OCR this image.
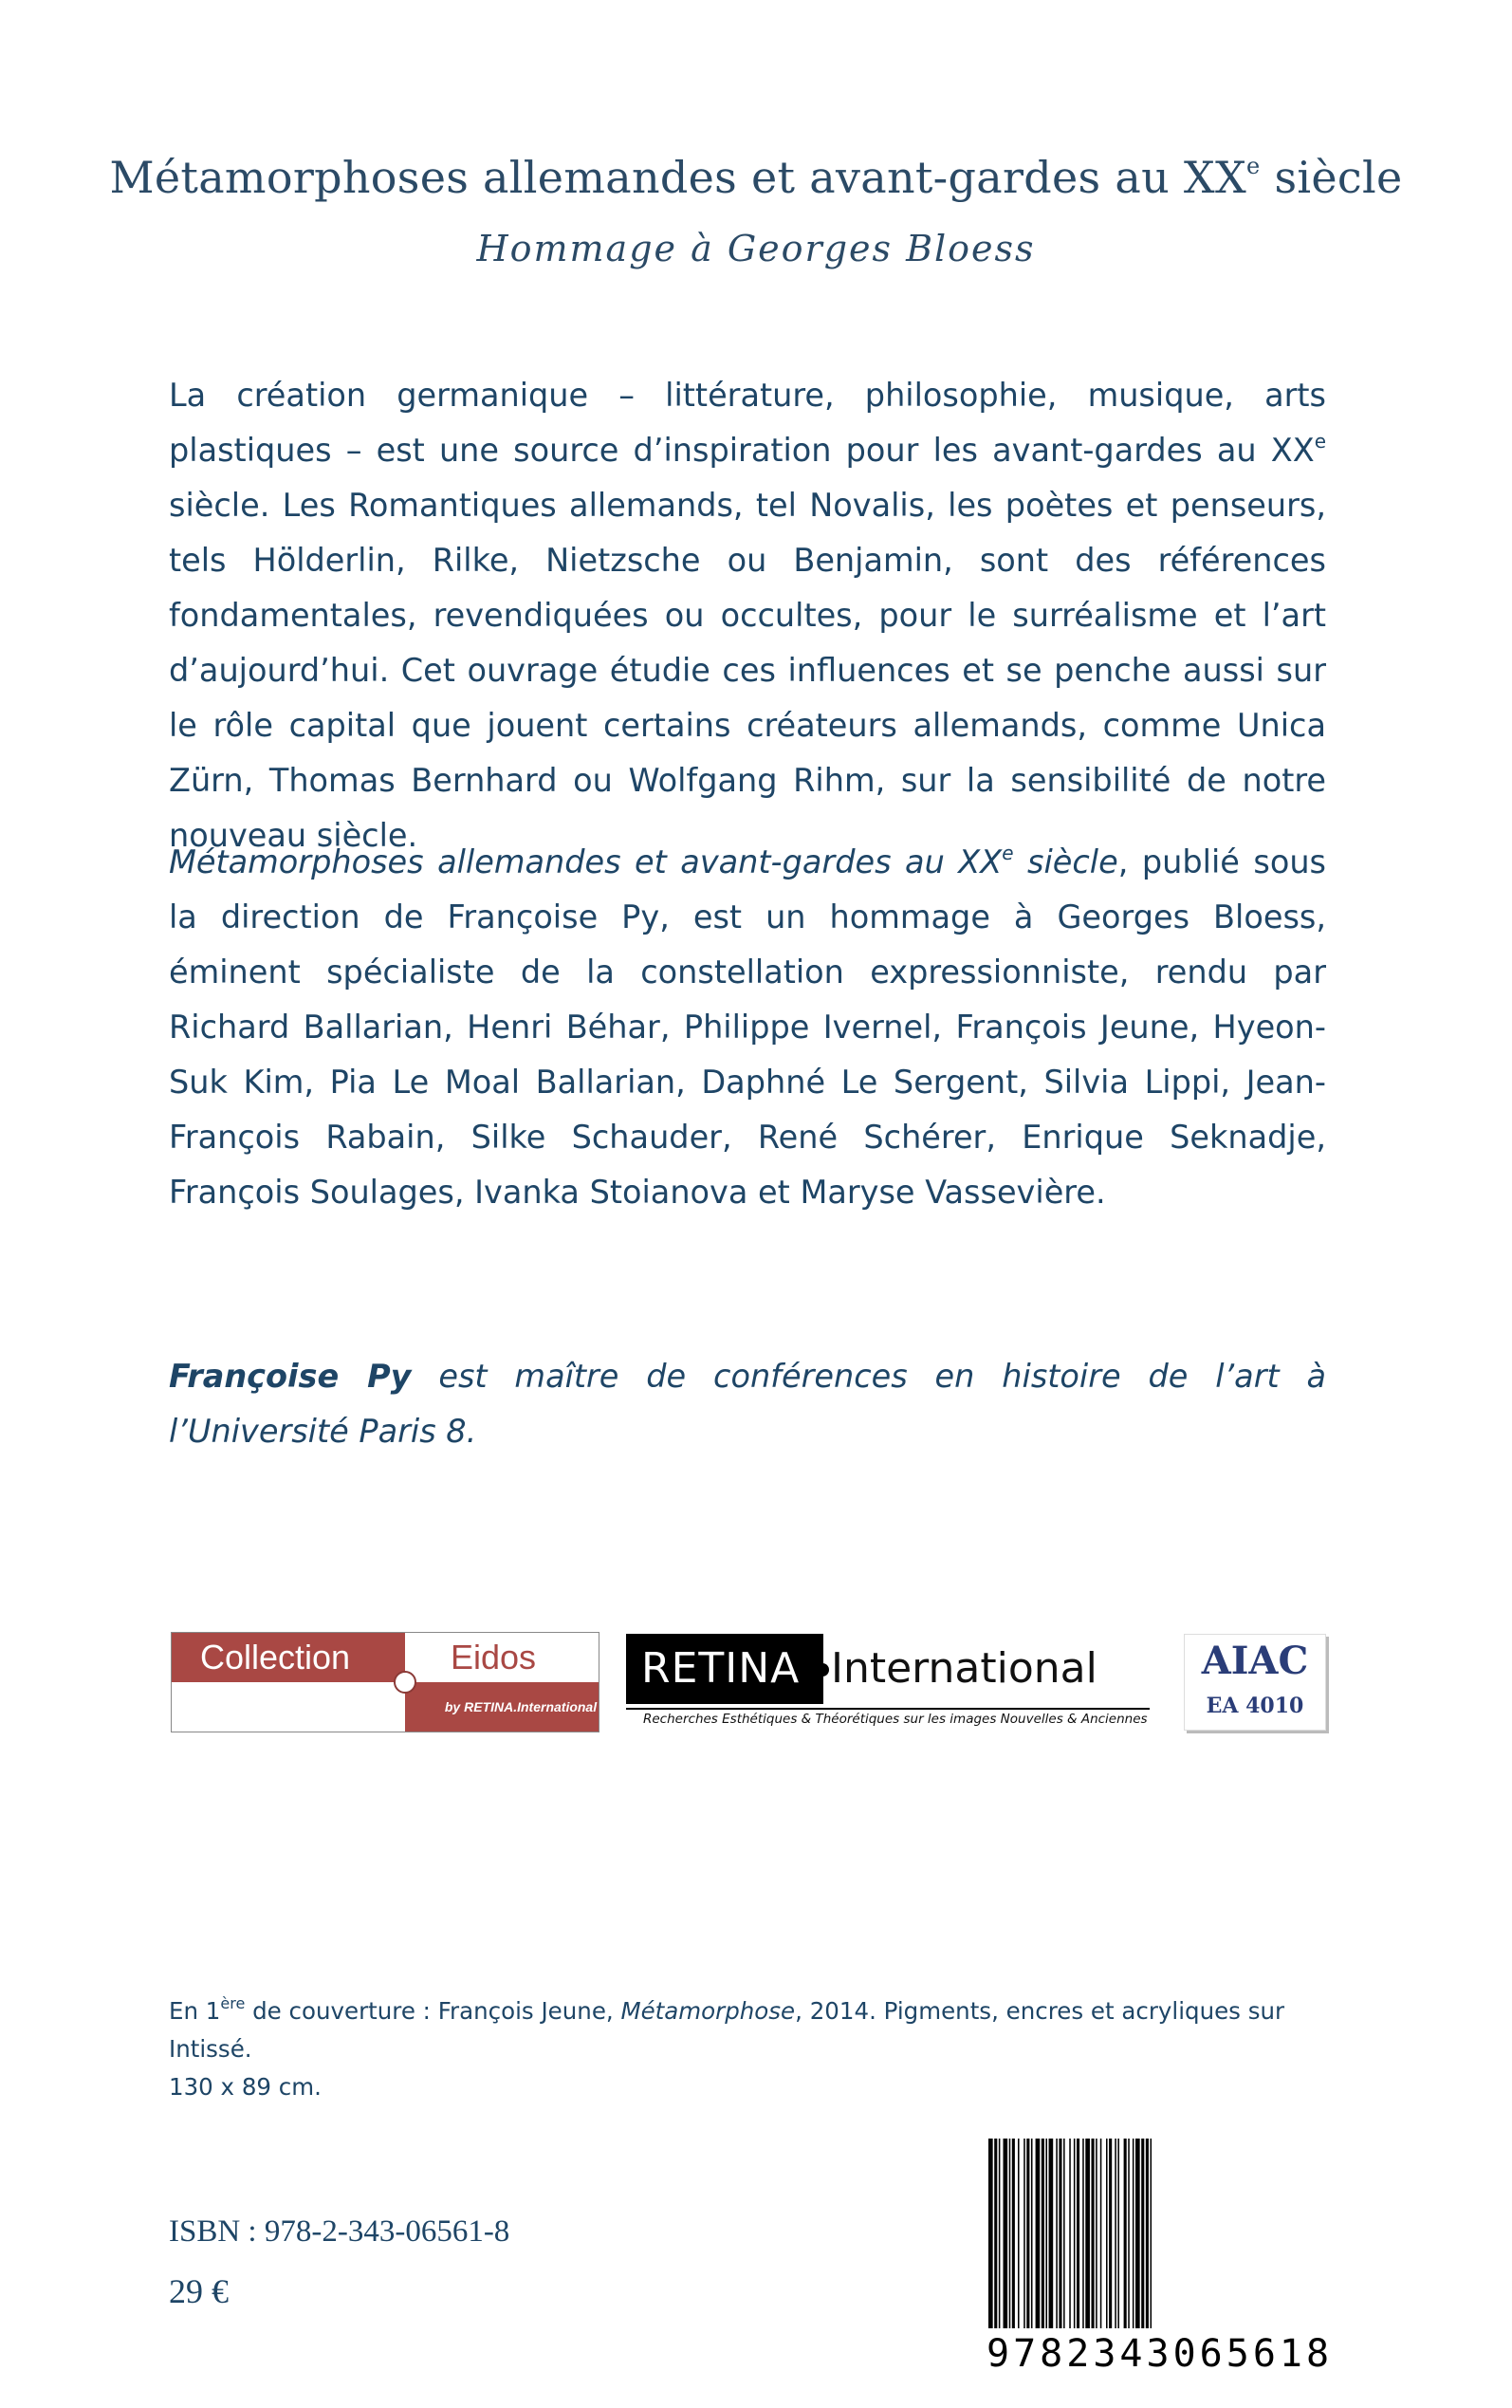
Métamorphoses allemandes et avant-gardes au XXe siècle
Hommage à Georges Bloess
La création germanique – littérature, philosophie, musique, arts plastiques – est une source d’inspiration pour les avant-gardes au XXe siècle. Les Romantiques allemands, tel Novalis, les poètes et penseurs, tels Hölderlin, Rilke, Nietzsche ou Benjamin, sont des références fondamentales, revendiquées ou occultes, pour le surréalisme et l’art d’aujourd’hui. Cet ouvrage étudie ces influences et se penche aussi sur le rôle capital que jouent certains créateurs allemands, comme Unica Zürn, Thomas Bernhard ou Wolfgang Rihm, sur la sensibilité de notre nouveau siècle.
Métamorphoses allemandes et avant-gardes au XXe siècle, publié sous la direction de Françoise Py, est un hommage à Georges Bloess, éminent spécialiste de la constellation expressionniste, rendu par Richard Ballarian, Henri Béhar, Philippe Ivernel, François Jeune, Hyeon-Suk Kim, Pia Le Moal Ballarian, Daphné Le Sergent, Silvia Lippi, Jean-François Rabain, Silke Schauder, René Schérer, Enrique Seknadje, François Soulages, Ivanka Stoianova et Maryse Vassevière.
Françoise Py est maître de conférences en histoire de l’art à l’Université Paris 8.
Collection	Eidos
by RETINA.International
RETINA International
Recherches Esthétiques & Théorétiques sur les images Nouvelles & Anciennes
AIAC
EA 4010
En 1ère de couverture : François Jeune, Métamorphose, 2014. Pigments, encres et acryliques sur Intissé.
130 x 89 cm.
ISBN : 978-2-343-06561-8
29 €
9782343065618
